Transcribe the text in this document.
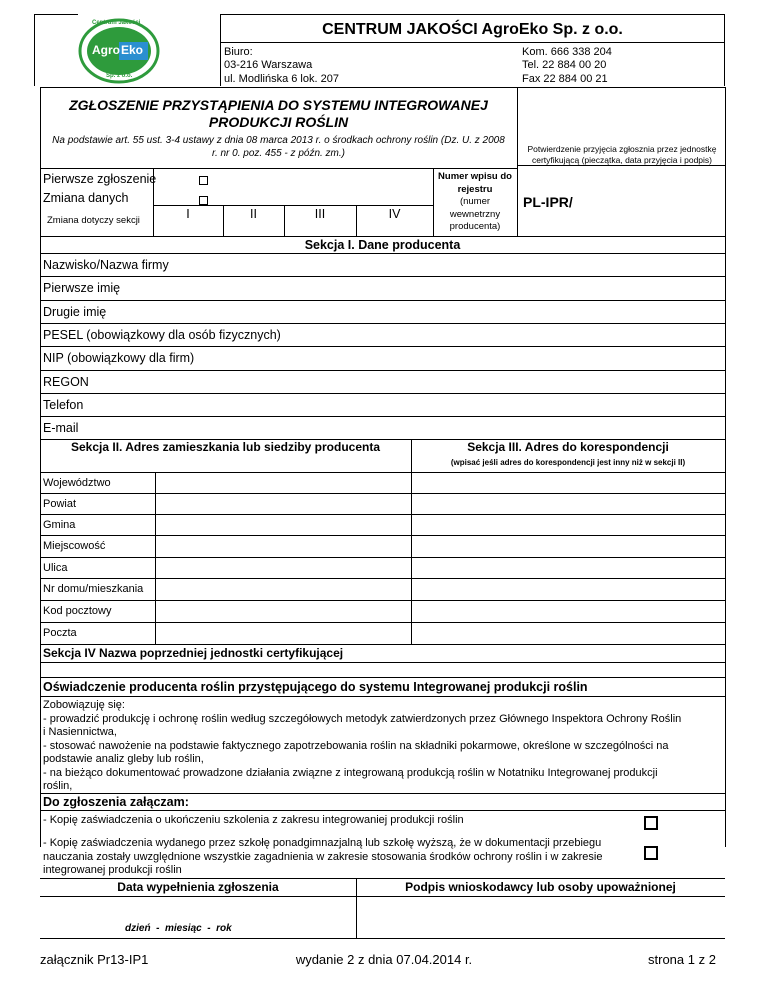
Agro Eko
Centrum Jakości
Sp. z o.o.
CENTRUM JAKOŚCI AgroEko Sp. z o.o.
Biuro:
03-216 Warszawa
ul. Modlińska 6 lok. 207
Kom. 666 338 204
Tel. 22 884 00 20
Fax 22 884 00 21
ZGŁOSZENIE PRZYSTĄPIENIA DO SYSTEMU INTEGROWANEJ
PRODUKCJI ROŚLIN
Na podstawie art. 55 ust. 3-4 ustawy z dnia 08 marca 2013 r. o środkach ochrony roślin (Dz. U. z 2008
r. nr 0. poz. 455 - z późn. zm.)	Potwierdzenie przyjęcia zgłosznia przez jednostkę
certyfikującą (pieczątka, data przyjęcia i podpis)
Pierwsze zgłoszenie
Zmiana danych
Zmiana dotyczy sekcji	I	II	III	IV
Numer wpisu do
rejestru
(numer
wewnetrzny
producenta)
PL-IPR/
Sekcja I. Dane producenta
Nazwisko/Nazwa firmy
Pierwsze imię
Drugie imię
PESEL (obowiązkowy dla osób fizycznych)
NIP (obowiązkowy dla firm)
REGON
Telefon
E-mail
Sekcja II. Adres zamieszkania lub siedziby producenta	Sekcja III. Adres do korespondencji
(wpisać jeśli adres do korespondencji jest inny niż w sekcji II)
Województwo
Powiat
Gmina
Miejscowość
Ulica
Nr domu/mieszkania
Kod pocztowy
Poczta
Sekcja IV Nazwa poprzedniej jednostki certyfikującej
Oświadczenie producenta roślin przystępującego do systemu Integrowanej produkcji roślin
Zobowiązuję się:
- prowadzić produkcję i ochronę roślin według szczegółowych metodyk zatwierdzonych przez Głównego Inspektora Ochrony Roślin
i Nasiennictwa,
- stosować nawożenie na podstawie faktycznego zapotrzebowania roślin na składniki pokarmowe, określone w szczególności na
podstawie analiz gleby lub roślin,
- na bieżąco dokumentować prowadzone działania związne z integrowaną produkcją roślin w Notatniku Integrowanej produkcji
roślin,
Do zgłoszenia załączam:
- Kopię zaświadczenia o ukończeniu szkolenia z zakresu integrowaniej produkcji roślin
- Kopię zaświadczenia wydanego przez szkołę ponadgimnazjalną lub szkołę wyższą, że w dokumentacji przebiegu
nauczania zostały uwzględnione wszystkie zagadnienia w zakresie stosowania środków ochrony roślin i w zakresie
integrowanej produkcji roślin
Data wypełnienia zgłoszenia	Podpis wnioskodawcy lub osoby upoważnionej
dzień  -  miesiąc  -  rok
załącznik Pr13-IP1	wydanie 2 z dnia 07.04.2014 r.	strona 1 z 2
